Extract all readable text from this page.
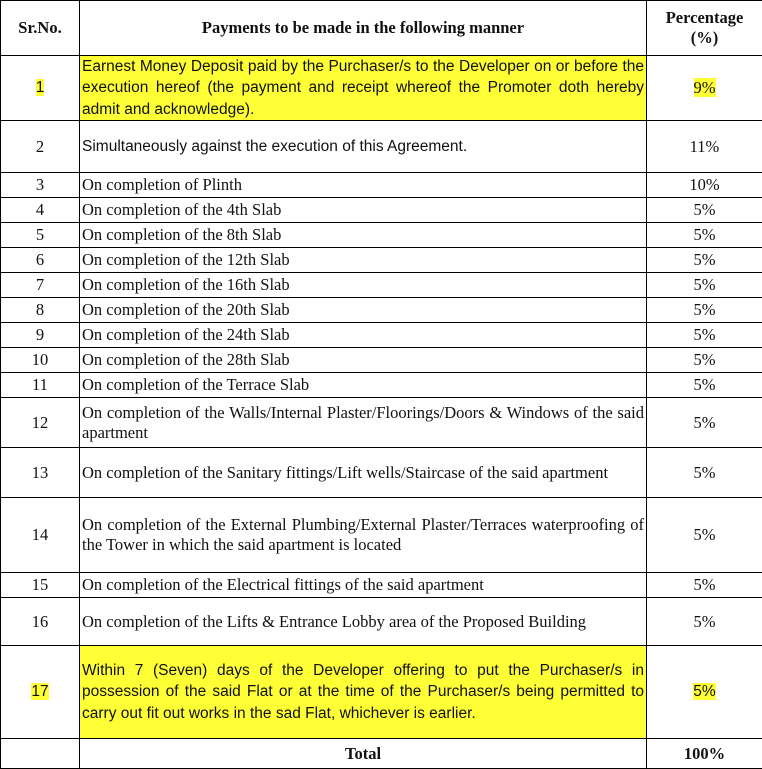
Sr.No.	Payments to be made in the following manner	Percentage
(%)
1	Earnest Money Deposit paid by the Purchaser/s to the Developer on or before the execution hereof (the payment and receipt whereof the Promoter doth hereby admit and acknowledge).	9%
2	Simultaneously against the execution of this Agreement.	11%
3	On completion of Plinth	10%
4	On completion of the 4th Slab	5%
5	On completion of the 8th Slab	5%
6	On completion of the 12th Slab	5%
7	On completion of the 16th Slab	5%
8	On completion of the 20th Slab	5%
9	On completion of the 24th Slab	5%
10	On completion of the 28th Slab	5%
11	On completion of the Terrace Slab	5%
12	On completion of the Walls/Internal Plaster/Floorings/Doors & Windows of the said apartment	5%
13	On completion of the Sanitary fittings/Lift wells/Staircase of the said apartment	5%
14	On completion of the External Plumbing/External Plaster/Terraces waterproofing of the Tower in which the said apartment is located	5%
15	On completion of the Electrical fittings of the said apartment	5%
16	On completion of the Lifts & Entrance Lobby area of the Proposed Building	5%
17	Within 7 (Seven) days of the Developer offering to put the Purchaser/s in possession of the said Flat or at the time of the Purchaser/s being permitted to carry out fit out works in the sad Flat, whichever is earlier.	5%
	Total	100%
